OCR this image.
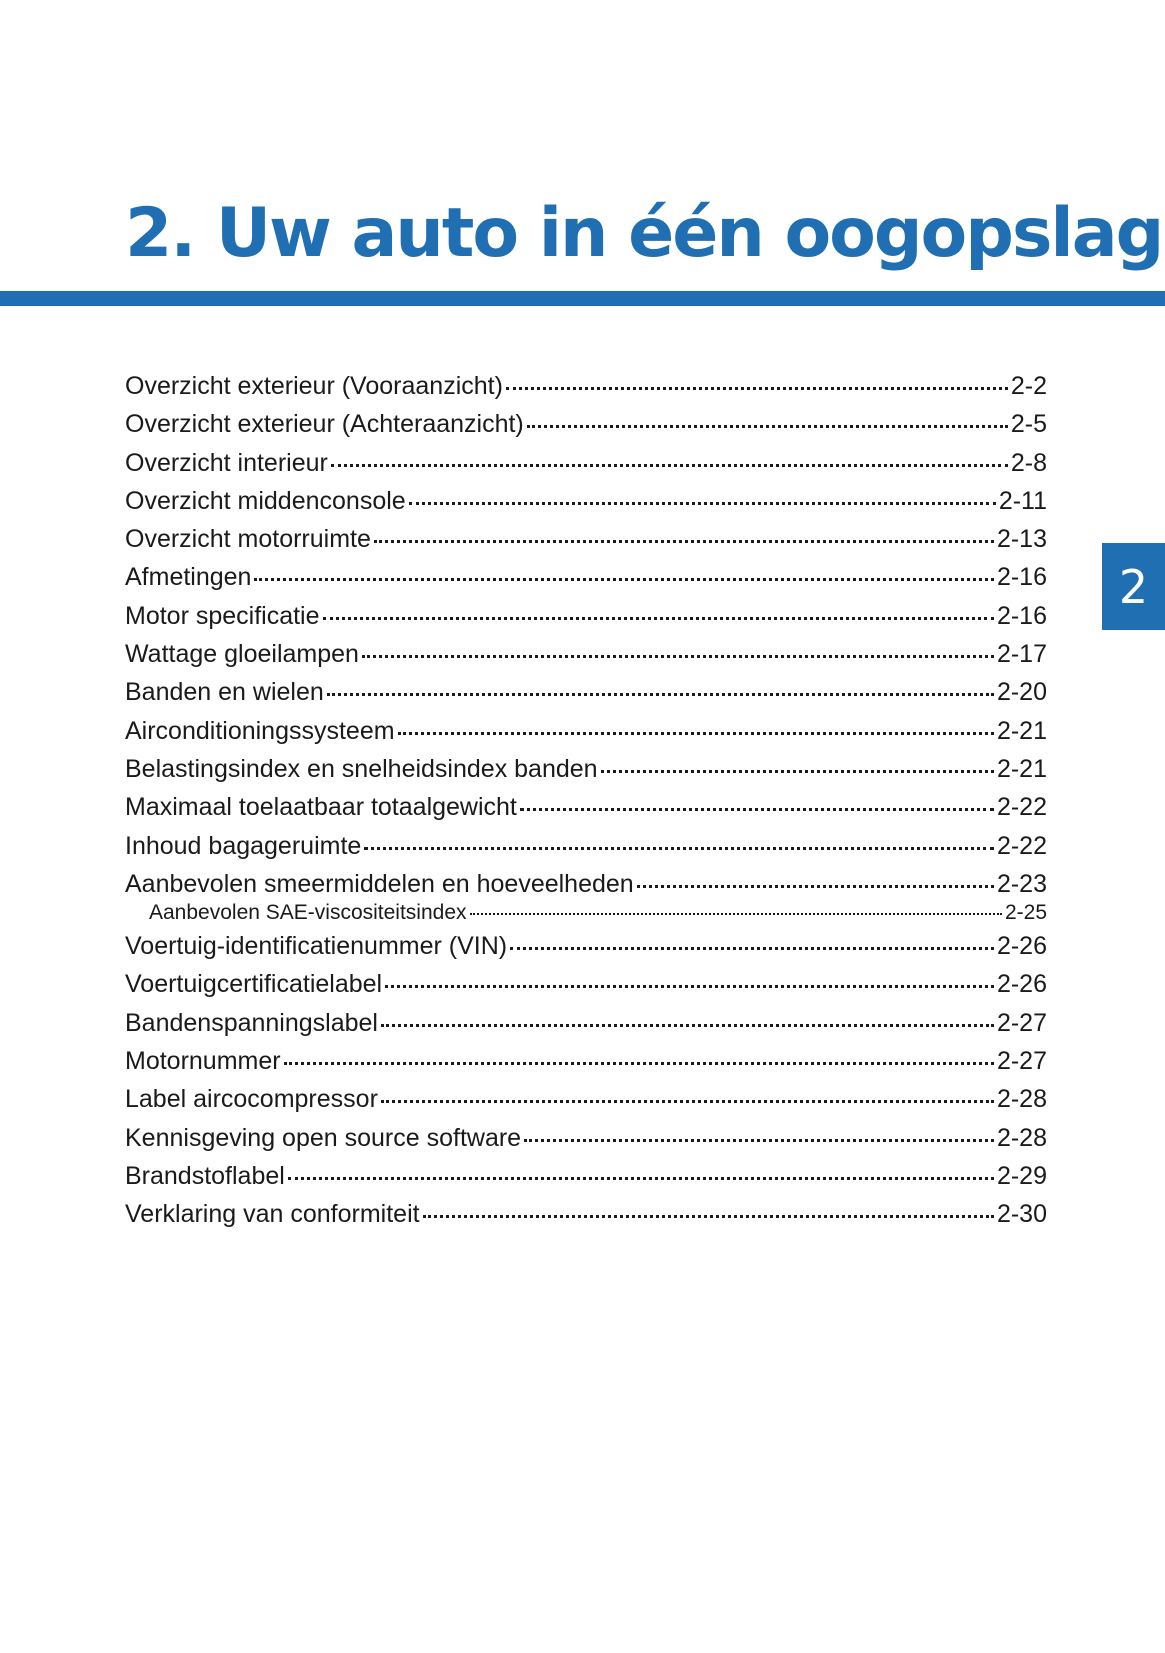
2. Uw auto in één oogopslag
2
Overzicht exterieur (Vooraanzicht)	2-2
Overzicht exterieur (Achteraanzicht)	2-5
Overzicht interieur	2-8
Overzicht middenconsole	2-11
Overzicht motorruimte	2-13
Afmetingen	2-16
Motor specificatie	2-16
Wattage gloeilampen	2-17
Banden en wielen	2-20
Airconditioningssysteem	2-21
Belastingsindex en snelheidsindex banden	2-21
Maximaal toelaatbaar totaalgewicht	2-22
Inhoud bagageruimte	2-22
Aanbevolen smeermiddelen en hoeveelheden	2-23
Aanbevolen SAE-viscositeitsindex	2-25
Voertuig-identificatienummer (VIN)	2-26
Voertuigcertificatielabel	2-26
Bandenspanningslabel	2-27
Motornummer	2-27
Label aircocompressor	2-28
Kennisgeving open source software	2-28
Brandstoflabel	2-29
Verklaring van conformiteit	2-30
